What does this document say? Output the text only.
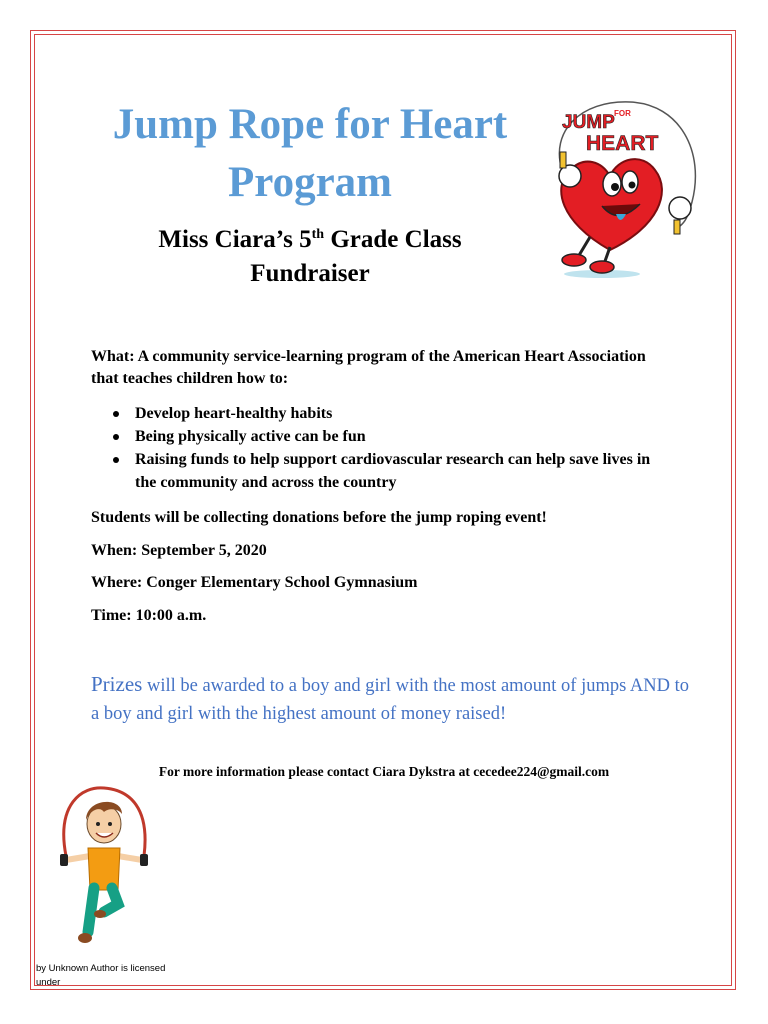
Jump Rope for Heart Program
Miss Ciara’s 5th Grade Class
Fundraiser
JUMP FOR
HEART

What: A community service-learning program of the American Heart Association that teaches children how to:

Develop heart-healthy habits
Being physically active can be fun
Raising funds to help support cardiovascular research can help save lives in the community and across the country

Students will be collecting donations before the jump roping event!

When: September 5, 2020

Where: Conger Elementary School Gymnasium

Time: 10:00 a.m.

Prizes will be awarded to a boy and girl with the most amount of jumps AND to a boy and girl with the highest amount of money raised!

For more information please contact Ciara Dykstra at cecedee224@gmail.com

by Unknown Author is licensed under
